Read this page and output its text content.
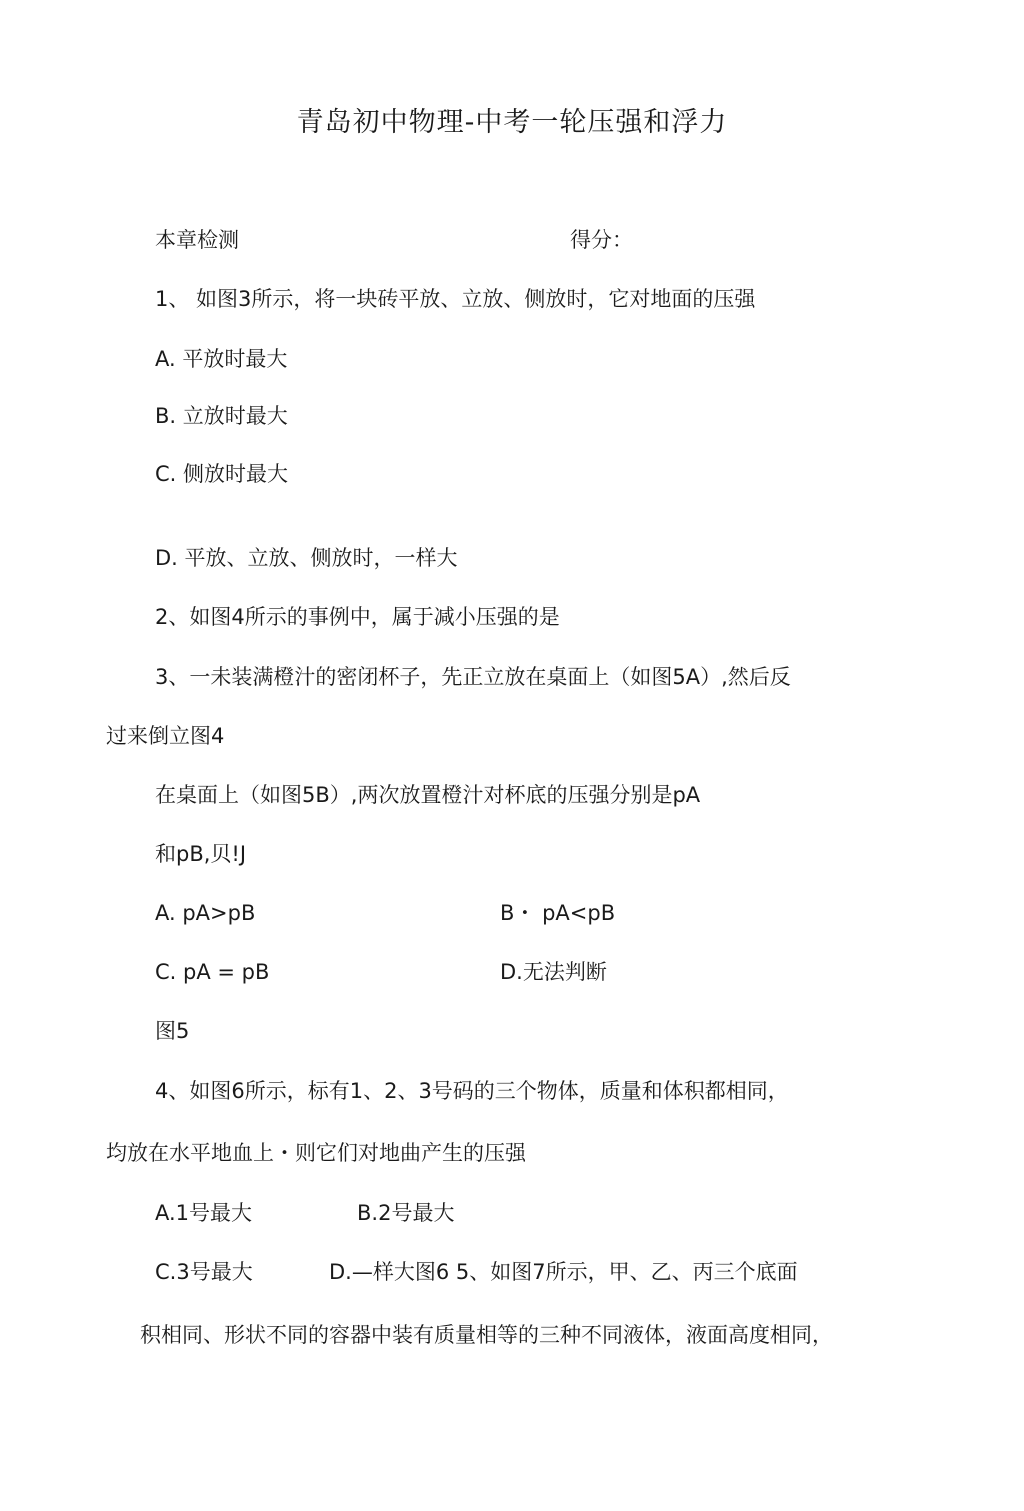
青岛初中物理-中考一轮压强和浮力
本章检测	得分：
1、 如图3所示，将一块砖平放、立放、侧放时，它对地面的压强
A. 平放时最大
B. 立放时最大
C. 侧放时最大
D. 平放、立放、侧放时，一样大
2、如图4所示的事例中，属于减小压强的是
3、一未装满橙汁的密闭杯子，先正立放在桌面上（如图5A）,然后反
过来倒立图4
在桌面上（如图5B）,两次放置橙汁对杯底的压强分别是pA
和pB,贝!J
A. pA>pB	B・ pA<pB
C. pA = pB	D.无法判断
图5
4、如图6所示，标有1、2、3号码的三个物体，质量和体积都相同，
均放在水平地血上・则它们对地曲产生的压强
A.1号最大	B.2号最大
C.3号最大	D.—样大图6 5、如图7所示，甲、乙、丙三个底面
积相同、形状不同的容器中装有质量相等的三种不同液体，液面高度相同，
